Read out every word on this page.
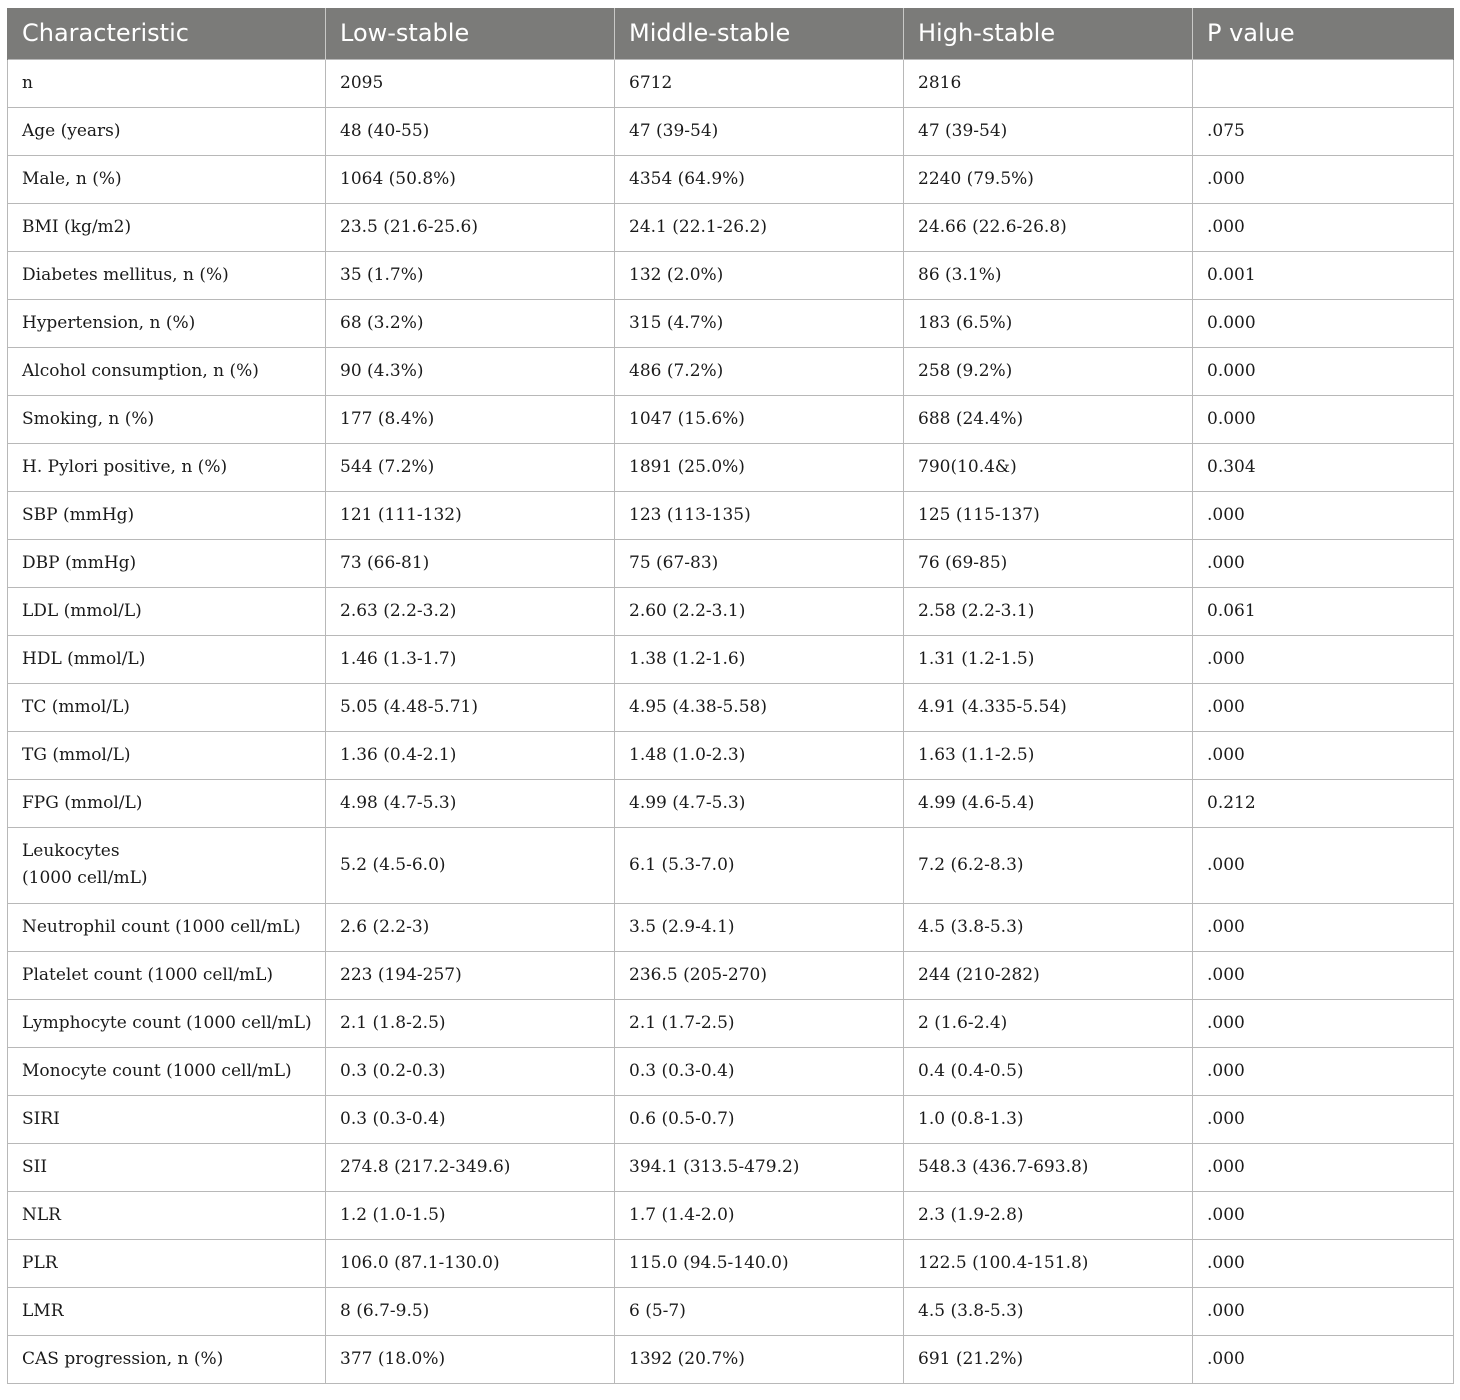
Characteristic	Low-stable	Middle-stable	High-stable	P value
n	2095	6712	2816	
Age (years)	48 (40-55)	47 (39-54)	47 (39-54)	.075
Male, n (%)	1064 (50.8%)	4354 (64.9%)	2240 (79.5%)	.000
BMI (kg/m2)	23.5 (21.6-25.6)	24.1 (22.1-26.2)	24.66 (22.6-26.8)	.000
Diabetes mellitus, n (%)	35 (1.7%)	132 (2.0%)	86 (3.1%)	0.001
Hypertension, n (%)	68 (3.2%)	315 (4.7%)	183 (6.5%)	0.000
Alcohol consumption, n (%)	90 (4.3%)	486 (7.2%)	258 (9.2%)	0.000
Smoking, n (%)	177 (8.4%)	1047 (15.6%)	688 (24.4%)	0.000
H. Pylori positive, n (%)	544 (7.2%)	1891 (25.0%)	790(10.4&)	0.304
SBP (mmHg)	121 (111-132)	123 (113-135)	125 (115-137)	.000
DBP (mmHg)	73 (66-81)	75 (67-83)	76 (69-85)	.000
LDL (mmol/L)	2.63 (2.2-3.2)	2.60 (2.2-3.1)	2.58 (2.2-3.1)	0.061
HDL (mmol/L)	1.46 (1.3-1.7)	1.38 (1.2-1.6)	1.31 (1.2-1.5)	.000
TC (mmol/L)	5.05 (4.48-5.71)	4.95 (4.38-5.58)	4.91 (4.335-5.54)	.000
TG (mmol/L)	1.36 (0.4-2.1)	1.48 (1.0-2.3)	1.63 (1.1-2.5)	.000
FPG (mmol/L)	4.98 (4.7-5.3)	4.99 (4.7-5.3)	4.99 (4.6-5.4)	0.212

Leukocytes
(1000 cell/mL)	5.2 (4.5-6.0)	6.1 (5.3-7.0)	7.2 (6.2-8.3)	.000
Neutrophil count (1000 cell/mL)	2.6 (2.2-3)	3.5 (2.9-4.1)	4.5 (3.8-5.3)	.000
Platelet count (1000 cell/mL)	223 (194-257)	236.5 (205-270)	244 (210-282)	.000
Lymphocyte count (1000 cell/mL)	2.1 (1.8-2.5)	2.1 (1.7-2.5)	2 (1.6-2.4)	.000
Monocyte count (1000 cell/mL)	0.3 (0.2-0.3)	0.3 (0.3-0.4)	0.4 (0.4-0.5)	.000
SIRI	0.3 (0.3-0.4)	0.6 (0.5-0.7)	1.0 (0.8-1.3)	.000
SII	274.8 (217.2-349.6)	394.1 (313.5-479.2)	548.3 (436.7-693.8)	.000
NLR	1.2 (1.0-1.5)	1.7 (1.4-2.0)	2.3 (1.9-2.8)	.000
PLR	106.0 (87.1-130.0)	115.0 (94.5-140.0)	122.5 (100.4-151.8)	.000
LMR	8 (6.7-9.5)	6 (5-7)	4.5 (3.8-5.3)	.000
CAS progression, n (%)	377 (18.0%)	1392 (20.7%)	691 (21.2%)	.000
